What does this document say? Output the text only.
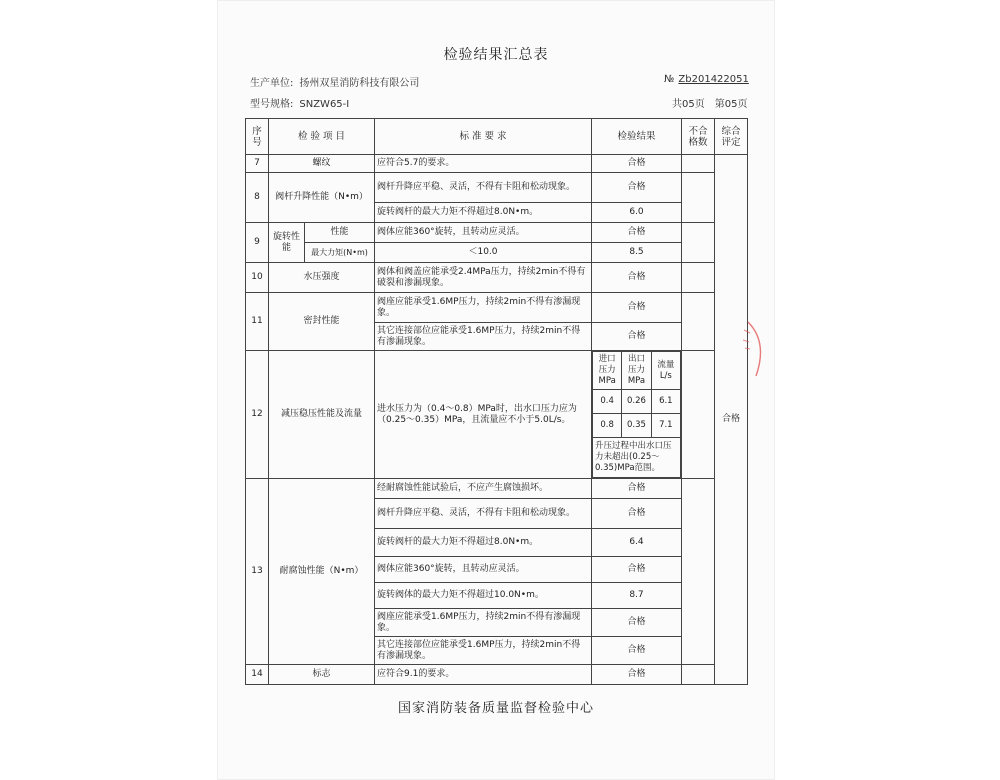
检验结果汇总表
生产单位: 扬州双星消防科技有限公司
型号规格: SNZW65-Ⅰ
№ Zb201422051
共05页　第05页
序号	检 验 项 目	标 准 要 求	检验结果	不合格数	综合评定
7	螺纹	应符合5.7的要求。	合格		合格
8	阀杆升降性能（N•m）	阀杆升降应平稳、灵活，不得有卡阻和松动现象。	合格	
旋转阀杆的最大力矩不得超过8.0N•m。	6.0
9	旋转性能	性能	阀体应能360°旋转，且转动应灵活。	合格	
最大力矩(N•m)	＜10.0	8.5
10	水压强度	阀体和阀盖应能承受2.4MPa压力，持续2min不得有破裂和渗漏现象。	合格	
11	密封性能	阀座应能承受1.6MP压力，持续2min不得有渗漏现象。	合格	
其它连接部位应能承受1.6MP压力，持续2min不得有渗漏现象。	合格
12	减压稳压性能及流量	进水压力为（0.4～0.8）MPa时，出水口压力应为（0.25～0.35）MPa，且流量应不小于5.0L/s。	
进口压力MPa	出口压力MPa	流量L/s
0.4	0.26	6.1
0.8	0.35	7.1
升压过程中出水口压力未超出(0.25～0.35)MPa范围。

13	耐腐蚀性能（N•m）	经耐腐蚀性能试验后，不应产生腐蚀损坏。	合格	
阀杆升降应平稳、灵活，不得有卡阻和松动现象。	合格
旋转阀杆的最大力矩不得超过8.0N•m。	6.4
阀体应能360°旋转，且转动应灵活。	合格
旋转阀体的最大力矩不得超过10.0N•m。	8.7
阀座应能承受1.6MP压力，持续2min不得有渗漏现象。	合格
其它连接部位应能承受1.6MP压力，持续2min不得有渗漏现象。	合格
14	标志	应符合9.1的要求。	合格	
国家消防装备质量监督检验中心
